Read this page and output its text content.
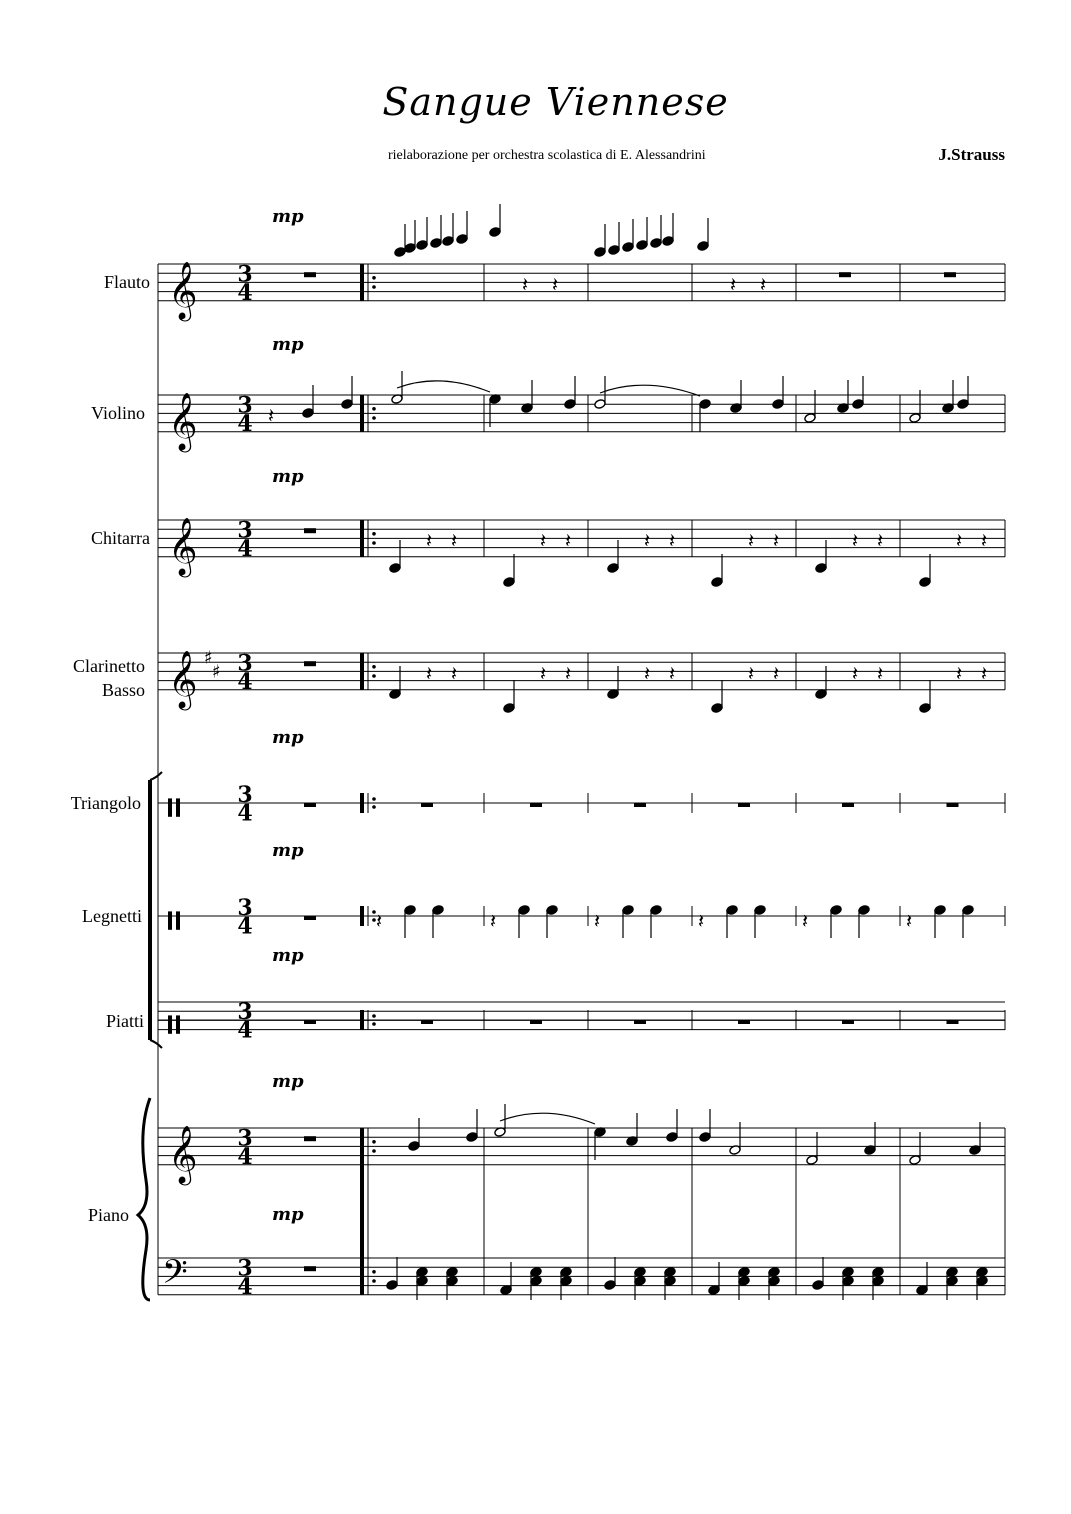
Sangue Viennese
rielaborazione per orchestra scolastica di E. Alessandrini	J.Strauss
Flauto
Violino
Chitarra
Clarinetto
Basso
Triangolo
Legnetti
Piatti
Piano
mp
mp
mp
mp
mp
mp
mp
mp
𝄞 3
4
𝄞 3
4
𝄞 3
4
𝄞 3
4
♯
♯
𝄽 𝄽	𝄽 𝄽
𝄽
𝄽 𝄽
𝄽 𝄽
𝄽 𝄽
𝄽 𝄽
𝄽 𝄽
𝄽 𝄽
𝄽 𝄽
𝄽 𝄽
𝄽 𝄽
𝄽 𝄽
𝄽 𝄽
𝄽 𝄽
3
4
3
4	𝄽	𝄽	𝄽	𝄽	𝄽	𝄽
3
4
𝄞
𝄢
3
4
3
4
